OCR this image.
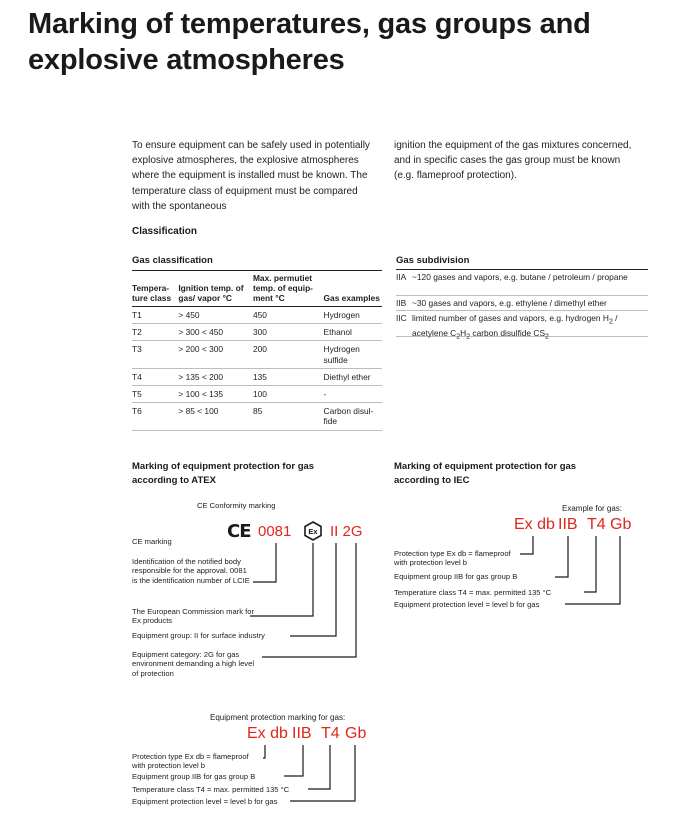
Marking of temperatures, gas groups and explosive atmospheres
To ensure equipment can be safely used in potentially explosive atmospheres, the explosive atmospheres where the equipment is installed must be known. The temperature class of equipment must be compared with the spontaneous
ignition the equipment of the gas mixtures concerned, and in specific cases the gas group must be known (e.g. flameproof protection).
Classification
Gas classification
Tempera-ture class	Ignition temp. of gas/ vapor °C	Max. permutiet temp. of equip-ment °C	Gas examples
T1	> 450	450	Hydrogen
T2	> 300 < 450	300	Ethanol
T3	> 200 < 300	200	Hydrogen sulfide
T4	> 135 < 200	135	Diethyl ether
T5	> 100 < 135	100	-
T6	> 85 < 100	85	Carbon disul-fide
Gas subdivision
IIA ~120 gases and vapors, e.g. butane / petroleum / propane
IIB ~30 gases and vapors, e.g. ethylene / dimethyl ether
IIC limited number of gases and vapors, e.g. hydrogen $H_2$ / acetylene $C_2H_2$ carbon disulfide $CS_2$
Marking of equipment protection for gas according to ATEX
CE Conformity marking
CE 0081 Ex II 2G
CE marking
Identification of the notified body responsible for the approval. 0081 is the identification number of LCIE
The European Commission mark for Ex products
Equipment group: II for surface industry
Equipment category: 2G for gas environment demanding a high level of protection
Equipment protection marking for gas:
Ex db IIB T4 Gb
Protection type Ex db = flameproof with protection level b
Equipment group IIB for gas group B
Temperature class T4 = max. permitted 135 °C
Equipment protection level = level b for gas
Marking of equipment protection for gas according to IEC
Example for gas:
Ex db IIB T4 Gb
Protection type Ex db = flameproof with protection level b
Equipment group IIB for gas group B
Temperature class T4 = max. permitted 135 °C
Equipment protection level = level b for gas
